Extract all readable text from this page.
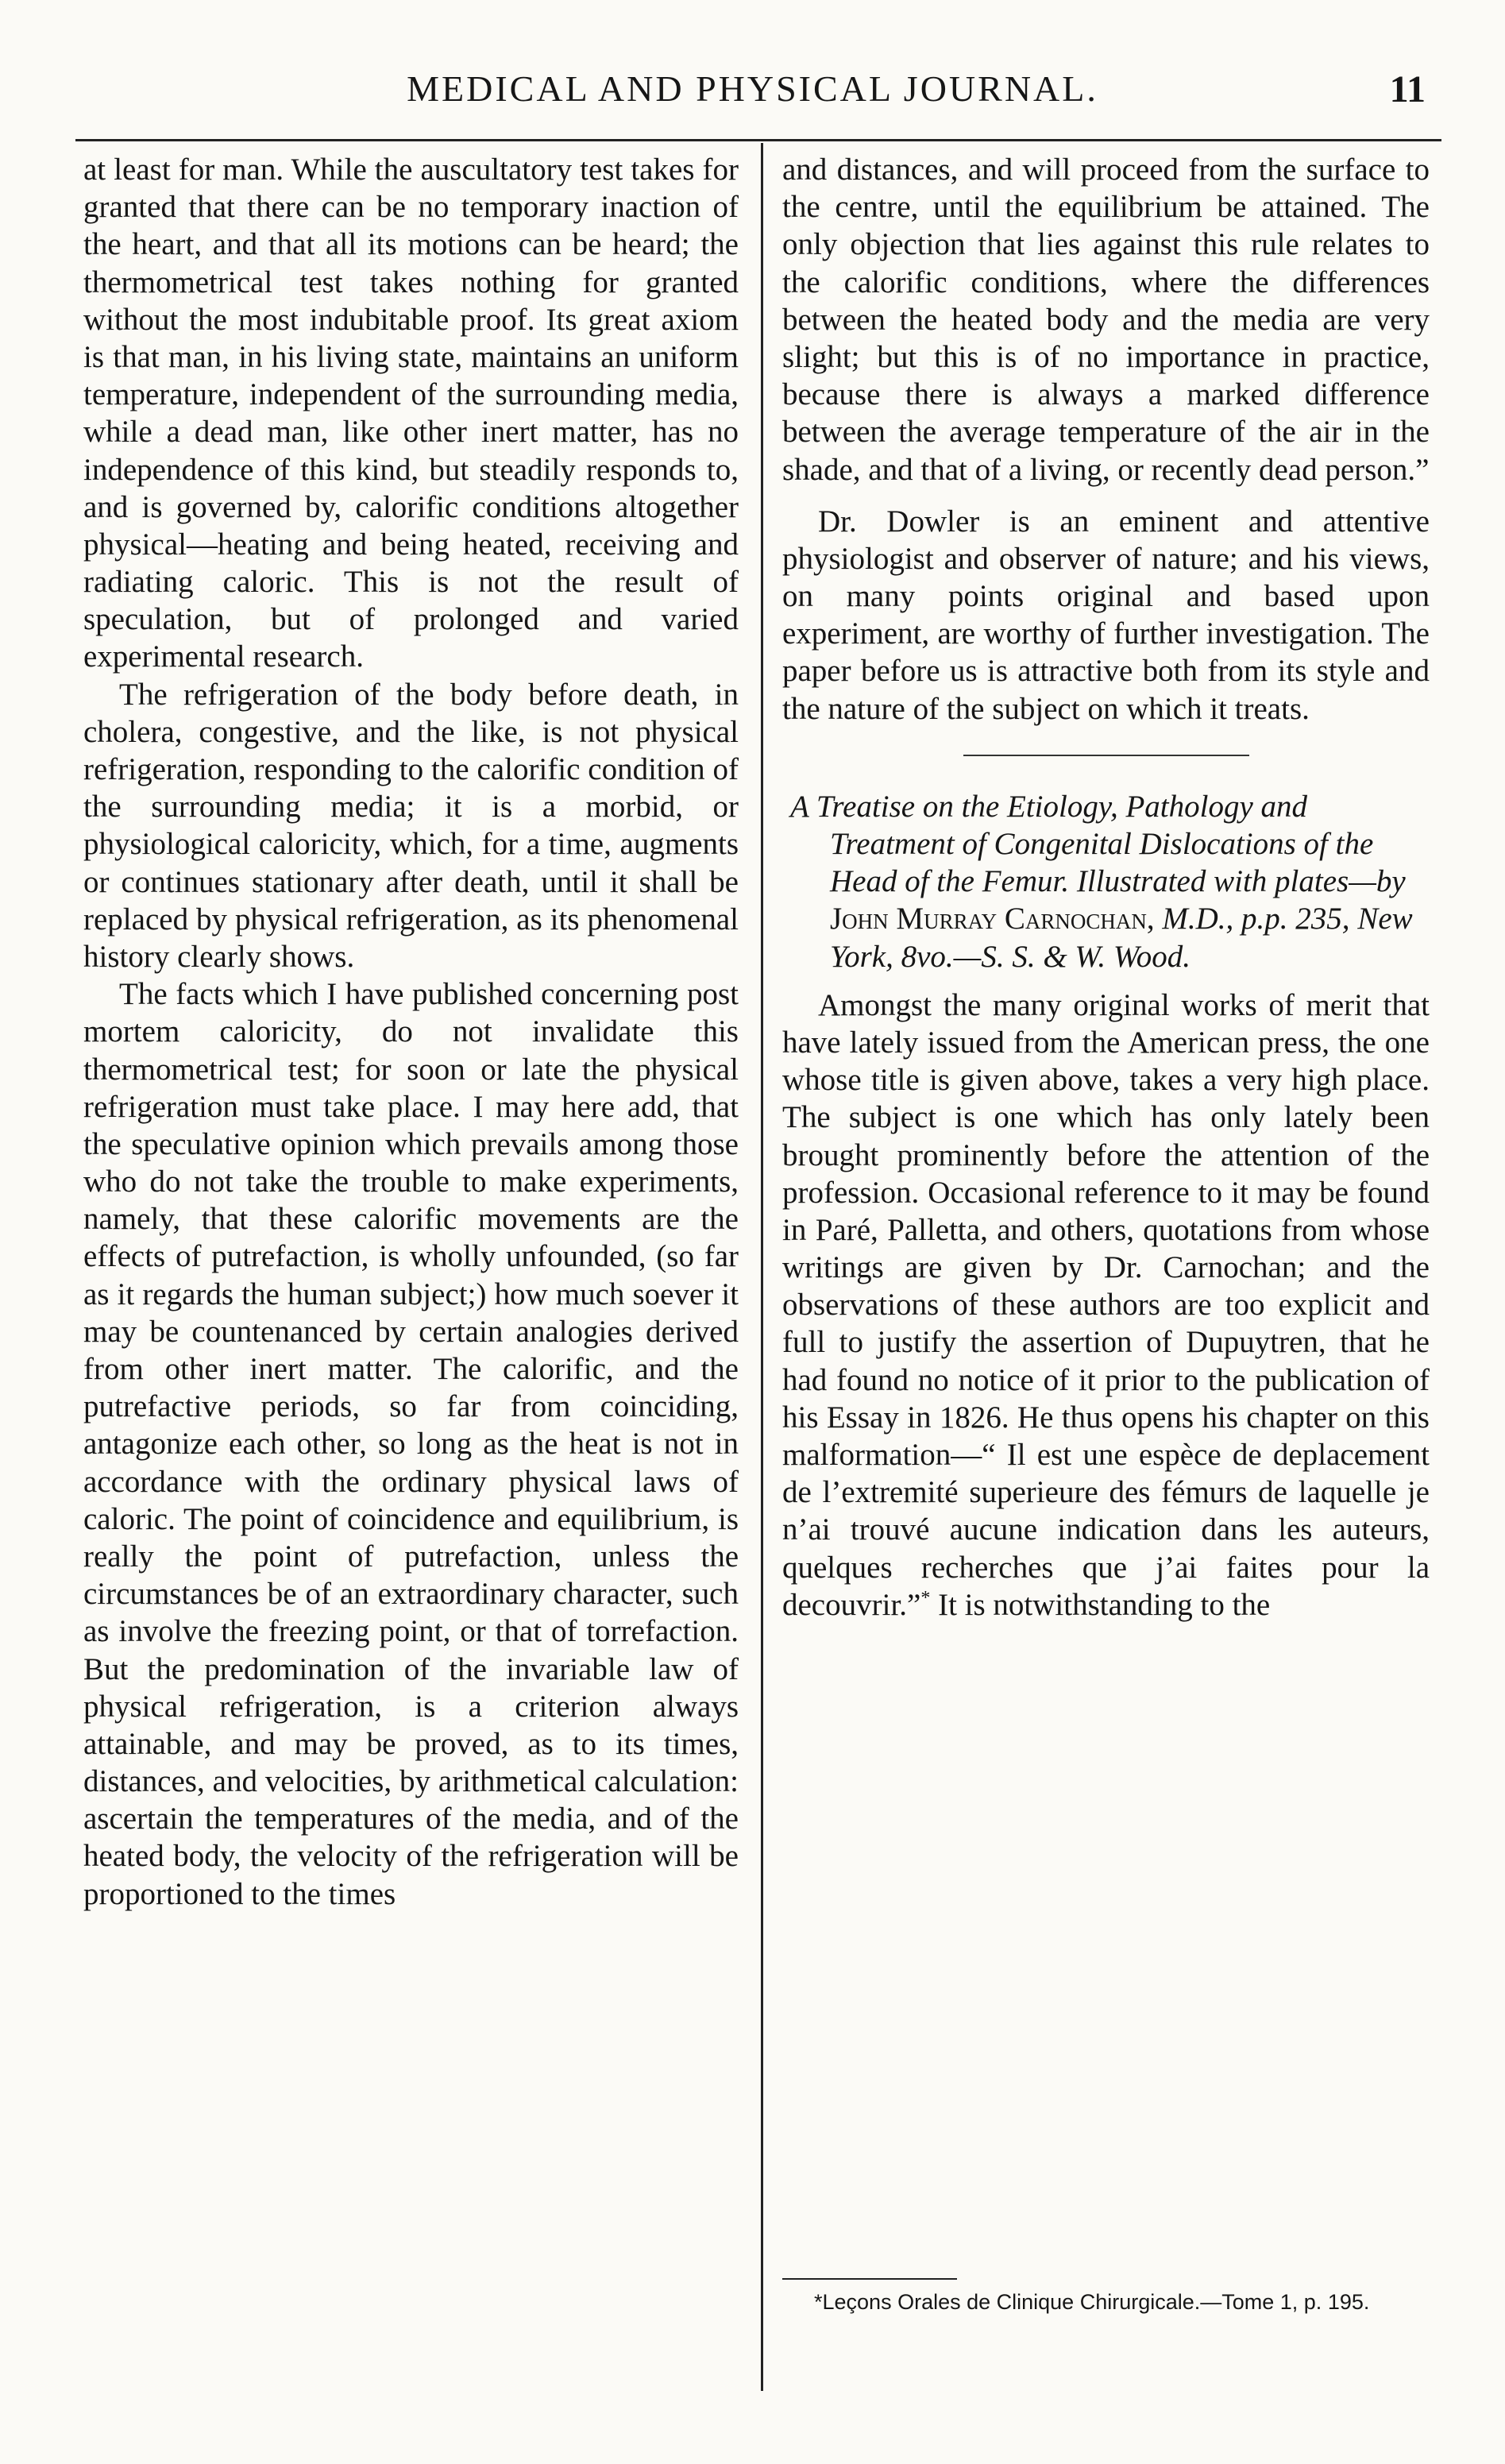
MEDICAL AND PHYSICAL JOURNAL.	11

at least for man. While the auscultatory test takes for granted that there can be no temporary inaction of the heart, and that all its motions can be heard; the thermometrical test takes nothing for granted without the most indubitable proof. Its great axiom is that man, in his living state, maintains an uniform temperature, independent of the surrounding media, while a dead man, like other inert matter, has no independence of this kind, but steadily responds to, and is governed by, calorific conditions altogether physical—heating and being heated, receiving and radiating caloric. This is not the result of speculation, but of prolonged and varied experimental research.

The refrigeration of the body before death, in cholera, congestive, and the like, is not physical refrigeration, responding to the calorific condition of the surrounding media; it is a morbid, or physiological caloricity, which, for a time, augments or continues stationary after death, until it shall be replaced by physical refrigeration, as its phenomenal history clearly shows.

The facts which I have published concerning post mortem caloricity, do not invalidate this thermometrical test; for soon or late the physical refrigeration must take place. I may here add, that the speculative opinion which prevails among those who do not take the trouble to make experiments, namely, that these calorific movements are the effects of putrefaction, is wholly unfounded, (so far as it regards the human subject;) how much soever it may be countenanced by certain analogies derived from other inert matter. The calorific, and the putrefactive periods, so far from coinciding, antagonize each other, so long as the heat is not in accordance with the ordinary physical laws of caloric. The point of coincidence and equilibrium, is really the point of putrefaction, unless the circumstances be of an extraordinary character, such as involve the freezing point, or that of torrefaction. But the predomination of the invariable law of physical refrigeration, is a criterion always attainable, and may be proved, as to its times, distances, and velocities, by arithmetical calculation: ascertain the temperatures of the media, and of the heated body, the velocity of the refrigeration will be proportioned to the times

and distances, and will proceed from the surface to the centre, until the equilibrium be attained. The only objection that lies against this rule relates to the calorific conditions, where the differences between the heated body and the media are very slight; but this is of no importance in practice, because there is always a marked difference between the average temperature of the air in the shade, and that of a living, or recently dead person.”

Dr. Dowler is an eminent and attentive physiologist and observer of nature; and his views, on many points original and based upon experiment, are worthy of further investigation. The paper before us is attractive both from its style and the nature of the subject on which it treats.

A Treatise on the Etiology, Pathology and Treatment of Congenital Dislocations of the Head of the Femur. Illustrated with plates—by John Murray Carnochan, M.D., p.p. 235, New York, 8vo.—S. S. & W. Wood.

Amongst the many original works of merit that have lately issued from the American press, the one whose title is given above, takes a very high place. The subject is one which has only lately been brought prominently before the attention of the profession. Occasional reference to it may be found in Paré, Palletta, and others, quotations from whose writings are given by Dr. Carnochan; and the observations of these authors are too explicit and full to justify the assertion of Dupuytren, that he had found no notice of it prior to the publication of his Essay in 1826. He thus opens his chapter on this malformation—“ Il est une espèce de deplacement de l’extremité superieure des fémurs de laquelle je n’ai trouvé aucune indication dans les auteurs, quelques recherches que j’ai faites pour la decouvrir.”* It is notwithstanding to the

*Leçons Orales de Clinique Chirurgicale.—Tome 1, p. 195.
